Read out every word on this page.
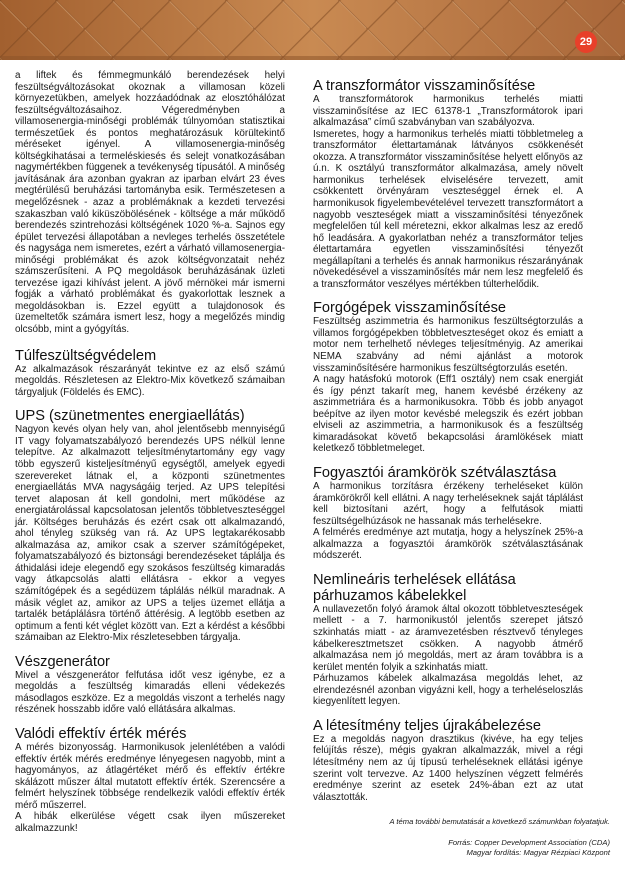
29

a liftek és fémmegmunkáló berendezések helyi feszültségváltozásokat okoznak a villamosan közeli környezetükben, amelyek hozzáadódnak az elosztóhálózat feszültségváltozásaihoz. Végeredményben a villamosenergia-minőségi problémák túlnyomóan statisztikai természetűek és pontos meghatározásuk körültekintő méréseket igényel. A villamosenergia-minőség költségkihatásai a termeléskiesés és selejt vonatkozásában nagymértékben függenek a tevékenység típusától. A minőség javításának ára azonban gyakran az iparban elvárt 23 éves megtérülésű beruházási tartományba esik. Természetesen a megelőzésnek - azaz a problémáknak a kezdeti tervezési szakaszban való kiküszöbölésének - költsége a már működő berendezés szintrehozási költségének 1020 %-a. Sajnos egy épület tervezési állapotában a nevleges terhelés összetétele és nagysága nem ismeretes, ezért a várható villamosenergia-minőségi problémákat és azok költségvonzatait nehéz számszerűsíteni. A PQ megoldások beruházásának üzleti tervezése igazi kihívást jelent. A jövő mérnökei már ismerni fogják a várható problémákat és gyakorlottak lesznek a megoldásokban is. Ezzel együtt a tulajdonosok és üzemeltetők számára ismert lesz, hogy a megelőzés mindig olcsóbb, mint a gyógyítás.

Túlfeszültségvédelem

Az alkalmazások részarányát tekintve ez az első számú megoldás. Részletesen az Elektro-Mix következő számaiban tárgyaljuk (Földelés és EMC).

UPS (szünetmentes energiaellátás)

Nagyon kevés olyan hely van, ahol jelentősebb mennyiségű IT vagy folyamatszabályozó berendezés UPS nélkül lenne telepítve. Az alkalmazott teljesítménytartomány egy vagy több egyszerű kisteljesítményű egységtől, amelyek egyedi szerevereket látnak el, a központi szünetmentes energiaellátás MVA nagyságáig terjed. Az UPS telepítési tervet alaposan át kell gondolni, mert működése az energiatárolással kapcsolatosan jelentős többletveszteséggel jár. Költséges beruházás és ezért csak ott alkalmazandó, ahol tényleg szükség van rá. Az UPS legtakarékosabb alkalmazása az, amikor csak a szerver számítógépeket, folyamatszabályozó és biztonsági berendezéseket táplálja és áthidalási ideje elegendő egy szokásos feszültség kimaradás vagy átkapcsolás alatti ellátásra - ekkor a vegyes számítógépek és a segédüzem táplálás nélkül maradnak. A másik véglet az, amikor az UPS a teljes üzemet ellátja a tartalék betáplálásra történő áttérésig. A legtöbb esetben az optimum a fenti két véglet között van. Ezt a kérdést a későbbi számaiban az Elektro-Mix részletesebben tárgyalja.

Vészgenerátor

Mivel a vészgenerátor felfutása időt vesz igénybe, ez a megoldás a feszültség kimaradás elleni védekezés másodlagos eszköze. Ez a megoldás viszont a terhelés nagy részének hosszabb időre való ellátására alkalmas.

Valódi effektív érték mérés

A mérés bizonyosság. Harmonikusok jelenlétében a valódi effektív érték mérés eredménye lényegesen nagyobb, mint a hagyományos, az átlagértéket mérő és effektív értékre skálázott műszer által mutatott effektív érték. Szerencsére a felmért helyszínek többsége rendelkezik valódi effektív érték mérő műszerrel.

A hibák elkerülése végett csak ilyen műszereket alkalmazzunk!

A transzformátor visszaminősítése

A transzformátorok harmonikus terhelés miatti visszaminősítése az IEC 61378-1 „Transzformátorok ipari alkalmazása” című szabványban van szabályozva.

Ismeretes, hogy a harmonikus terhelés miatti többletmeleg a transzformátor élettartamának látványos csökkenését okozza. A transzformátor visszaminősítése helyett előnyös az ú.n. K osztályú transzformátor alkalmazása, amely növelt harmonikus terhelések elviselésére tervezett, amit csökkentett örvényáram veszteséggel érnek el. A harmonikusok figyelembevételével tervezett transzformátort a nagyobb veszteségek miatt a visszaminősítési tényezőnek megfelelően túl kell méretezni, ekkor alkalmas lesz az eredő hő leadására. A gyakorlatban nehéz a transzformátor teljes élettartamára egyetlen visszaminősítési tényezőt megállapítani a terhelés és annak harmonikus részarányának növekedésével a visszaminősítés már nem lesz megfelelő és a transzformátor veszélyes mértékben túlterhelődik.

Forgógépek visszaminősítése

Feszültség aszimmetria és harmonikus feszültségtorzulás a villamos forgógépekben többletveszteséget okoz és emiatt a motor nem terhelhető névleges teljesítményig. Az amerikai NEMA szabvány ad némi ajánlást a motorok visszaminősítésére harmonikus feszültségtorzulás esetén.

A nagy hatásfokú motorok (Eff1 osztály) nem csak energiát és így pénzt takarít meg, hanem kevésbé érzékeny az aszimmetriára és a harmonikusokra. Több és jobb anyagot beépítve az ilyen motor kevésbé melegszik és ezért jobban elviseli az aszimmetria, a harmonikusok és a feszültség kimaradásokat követő bekapcsolási áramlökések miatt keletkező többletmeleget.

Fogyasztói áramkörök szétválasztása

A harmonikus torzításra érzékeny terheléseket külön áramkörökről kell ellátni. A nagy terheléseknek saját táplálást kell biztosítani azért, hogy a felfutások miatti feszültségelhúzások ne hassanak más terhelésekre.

A felmérés eredménye azt mutatja, hogy a helyszínek 25%-a alkalmazza a fogyasztói áramkörök szétválasztásának módszerét.

Nemlineáris terhelések ellátása párhuzamos kábelekkel

A nullavezetőn folyó áramok által okozott többletveszteségek mellett - a 7. harmonikustól jelentős szerepet játszó szkinhatás miatt - az áramvezetésben résztvevő tényleges kábelkeresztmetszet csökken. A nagyobb átmérő alkalmazása nem jó megoldás, mert az áram továbbra is a kerület mentén folyik a szkinhatás miatt.

Párhuzamos kábelek alkalmazása megoldás lehet, az elrendezésnél azonban vigyázni kell, hogy a terheléseloszlás kiegyenlített legyen.

A létesítmény teljes újrakábelezése

Ez a megoldás nagyon drasztikus (kivéve, ha egy teljes felújítás része), mégis gyakran alkalmazzák, mivel a régi létesítmény nem az új típusú terheléseknek ellátási igénye szerint volt tervezve. Az 1400 helyszínen végzett felmérés eredménye szerint az esetek 24%-ában ezt az utat választották.

A téma további bemutatását a következő számunkban folyatatjuk.
Forrás: Copper Development Association (CDA)
Magyar fordítás: Magyar Rézpiaci Központ
